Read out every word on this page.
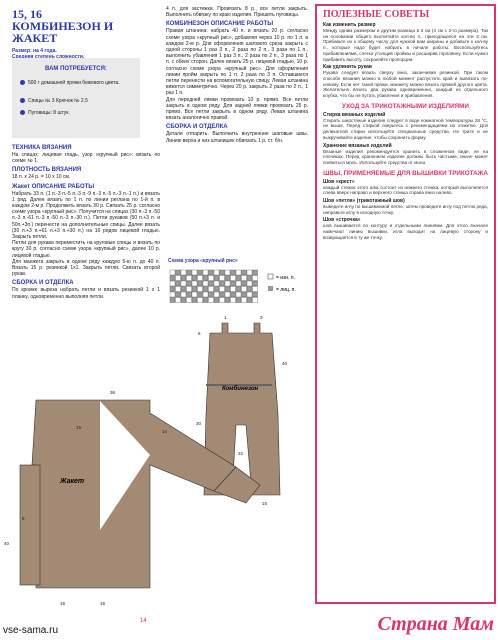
15, 16 КОМБИНЕЗОН И ЖАКЕТ
Размер: на 4 года.
ВАМ ПОТРЕБУЕТСЯ:
500 г домашней пряжи бежевого цвета.
Спицы № 3 Крючок № 2,5
Пуговицы: 8 штук.
ТЕХНИКА ВЯЗАНИЯ
На спицах: лицевая гладь, узор «крупный рис»: вязать по схеме № 1.
ПЛОТНОСТЬ ВЯЗАНИЯ
18 п. х 24 р. = 10 х 10 см.
Жакет ОПИСАНИЕ РАБОТЫ
Набрать 33 п. (1 п.-3 п.-5 п.-3 п.-9 п.-3 п.-5 п.-3 п.-1 п.) и вязать 1 ряд. Далее вязать по 1 п. по линии реглана по 1-й п. в каждом 2-м р. Продолжить вязать 30 р. Связать 25 р. согласно схеме узора «крупный рис». Получится на спицах (30 п.-3 п.-50 п.-3 п.-61 п.-3 п.-50 п.-3 п.-30 п.). Петли рукавов (50 п.+3 п. и 50п.+3п.) перенести на дополнительные спицы. Далее вязать (30 п.+3 п.+61 п.+3 п.+30 п.) на 16 рядов лицевой гладью. Закрыть петли.
Петли для рукава переместить на круговые спицы и вязать по кругу 30 р. согласно схеме узора «крупный рис», далее 10 р. лицевой гладью.
Для манжета закрыть в одном ряду каждую 5-ю п. до 40 п. Вязать 15 р. резинкой 1х1. Закрыть петли. Связать второй рукав.
СБОРКА И ОТДЕЛКА
По кромке выреза набрать петли и вязать резинкой 1 х 1 планку, одновременно выполняя петли.
4 п. для застежки. Провязать 8 р., все петли закрыть. Выполнить обвязку по краю изделия. Пришить пуговицы.
КОМБИНЕЗОН ОПИСАНИЕ РАБОТЫ
Правая штанина: набрать 40 п. и вязать 20 р. согласно схеме узора «крупный рис», добавляя через 10 р. по 1 п. в каждом 2-м р. Для оформления шагового среза закрыть с одной стороны 1 раз 3 п., 2 раза по 2 п., 3 раза по 1 п., выполнить убавления 1 раз 3 п., 2 раза по 2 п., 3 раза по 1 п. с обеих сторон. Далее вязать 25 р. лицевой гладью, 10 р. согласно схеме узора «крупный рис». Для оформления линии пройм закрыть по 1 п. 2 раза по 3 п. Оставшиеся петли перенести на вспомогательную спицу. Левая штанина вяжется симметрично. Через 20 р. закрыть 2 раза по 2 п., 1 раз 1 п.
Для передней лямки провязать 10 р. прямо. Все петли закрыть в одном ряду. Для задней лямки провязать 25 р. прямо. Все петли закрыть в одном ряду. Левая штанина вязать аналогично правой.
СБОРКА И ОТДЕЛКА
Детали отпарить. Выполнить внутренние шаговые швы. Линию верха и низ штанишек обвязать 1 р. ст. б/н.
Схема узора «крупный рис»
= изн. п.
= лиц. п.
Комбинезон
Жакет
36
16
14
6
15	15
40
32
30
15
40
6
3
1
ПОЛЕЗНЫЕ СОВЕТЫ
Как изменить размер
Между одним размером и другим разница в 3 см (4 см с 2-го размера). Так на основании общего высчитайте кол-во п., приходящееся на эти 3 см. Прибавьте их к общему числу для нужной вам ширины и добавьте к кол-ву п., которые надо будет набрать в начале работы. Воспользуйтесь прибавлениями, слегка утолщив проймы и расширив горловину. Если нужно прибавить высоту, сохраняйте пропорции.
Как удлинить рукав
Рукава следует вязать сверху вниз, заканчивая резинкой. При таком способе вязания можно в любой момент распустить край и вывязать по-новому. Если нет такой пряжи, манжету можно вязать пряжей другого цвета. Желательно вязать два рукава одновременно, каждый из отдельного клубка, что бы не путать убавления и прибавления.
УХОД ЗА ТРИКОТАЖНЫМИ ИЗДЕЛИЯМИ
Стирка вязаных изделий
Стирать шерстяные изделия следует в воде комнатной температуры 28 °C, не выше. Перед стиркой сверьтесь с рекомендациями на этикетке. Для деликатной стирки используйте специальные средства. Не трите и не выкручивайте изделие, чтобы сохранить форму.
Хранение вязаных изделий
Вязаные изделия рекомендуется хранить в сложенном виде, не на плечиках. Перед хранением изделия должны быть чистыми, иначе может появиться моль. Используйте средства от моли.
ШВЫ, ПРИМЕНЯЕМЫЕ ДЛЯ ВЫШИВКИ ТРИКОТАЖА
Шов «крест»
каждый стежок этого шва состоит из нижнего стежка, который выполняется слева вверх направо и верхнего стежка справа вниз налево.
Шов «петля» (трикотажный шов)
выведите иглу по вышиваемой петле, затем проведите иглу под петлю ряда, направьте иглу в исходную точку.
Шов «строчка»
шов вышивается по контуру и отдельными линиями. Для этого вначале намечают линию вышивки, игла выходит на лицевую сторону и возвращается в ту же точку.
14
vse-sama.ru	Страна Мам
